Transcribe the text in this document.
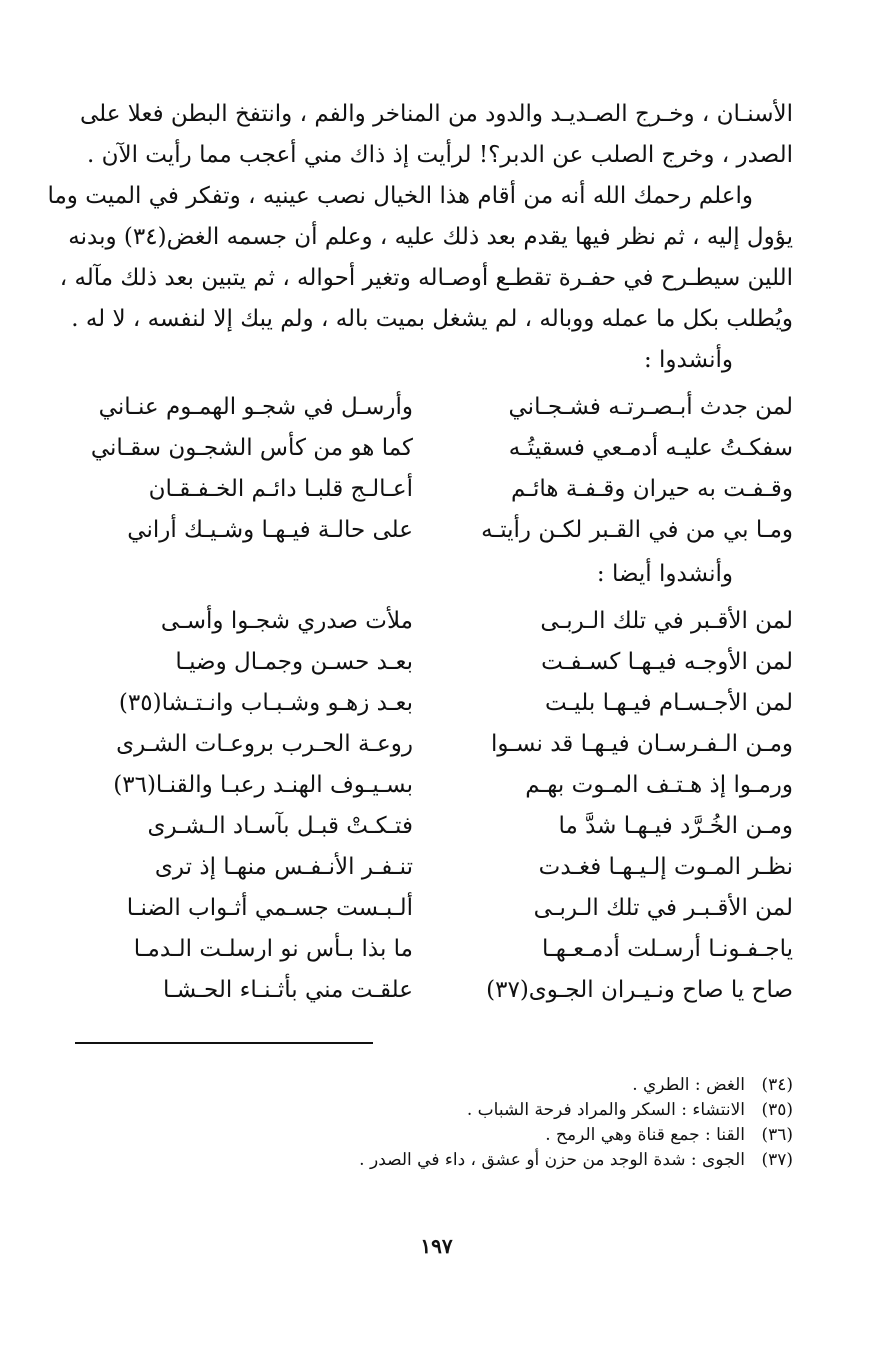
الأسنـان ، وخـرج الصـديـد والدود من المناخر والفم ، وانتفخ البطن فعلا على

الصدر ، وخرج الصلب عن الدبر؟! لرأيت إذ ذاك مني أعجب مما رأيت الآن .

واعلم رحمك الله أنه من أقام هذا الخيال نصب عينيه ، وتفكر في الميت وما

يؤول إليه ، ثم نظر فيها يقدم بعد ذلك عليه ، وعلم أن جسمه الغض(٣٤) وبدنه

اللين سيطـرح في حفـرة تقطـع أوصـاله وتغير أحواله ، ثم يتبين بعد ذلك مآله ،

ويُطلب بكل ما عمله ووباله ، لم يشغل بميت باله ، ولم يبك إلا لنفسه ، لا له .

وأنشدوا :
لمن جدث أبـصـرتـه فشـجـاني
وأرسـل في شجـو الهمـوم عنـاني
سفكـتُ عليـه أدمـعي فسقيتُـه
كما هو من كأس الشجـون سقـاني
وقـفـت به حيران وقـفـة هائـم
أعـالـج قلبـا دائـم الخـفـقـان
ومـا بي من في القـبر لكـن رأيتـه
على حالـة فيـهـا وشـيـك أراني
وأنشدوا أيضا :
لمن الأقـبر في تلك الـربـى
ملأت صدري شجـوا وأسـى
لمن الأوجـه فيـهـا كسـفـت
بعـد حسـن وجمـال وضيـا
لمن الأجـسـام فيـهـا بليـت
بعـد زهـو وشـبـاب وانـتـشا(٣٥)
ومـن الـفـرسـان فيـهـا قد نسـوا
روعـة الحـرب بروعـات الشـرى
ورمـوا إذ هـتـف المـوت بهـم
بسـيـوف الهنـد رعبـا والقنـا(٣٦)
ومـن الخُـرَّد فيـهـا شدَّ ما
فتـكـتْ قبـل بآسـاد الـشـرى
نظـر المـوت إلـيـهـا فغـدت
تنـفـر الأنـفـس منهـا إذ ترى
لمن الأقـبـر في تلك الـربـى
ألـبـست جسـمي أثـواب الضنـا
ياجـفـونـا أرسـلت أدمـعـهـا
ما بذا بـأس نو ارسلـت الـدمـا
صاح يا صاح ونـيـران الجـوى(٣٧)
علقـت مني بأثـنـاء الحـشـا
(٣٤)
الغض : الطري .
(٣٥)
الانتشاء : السكر والمراد فرحة الشباب .
(٣٦)
القنا : جمع قناة وهي الرمح .
(٣٧)
الجوى : شدة الوجد من حزن أو عشق ، داء في الصدر .
١٩٧
